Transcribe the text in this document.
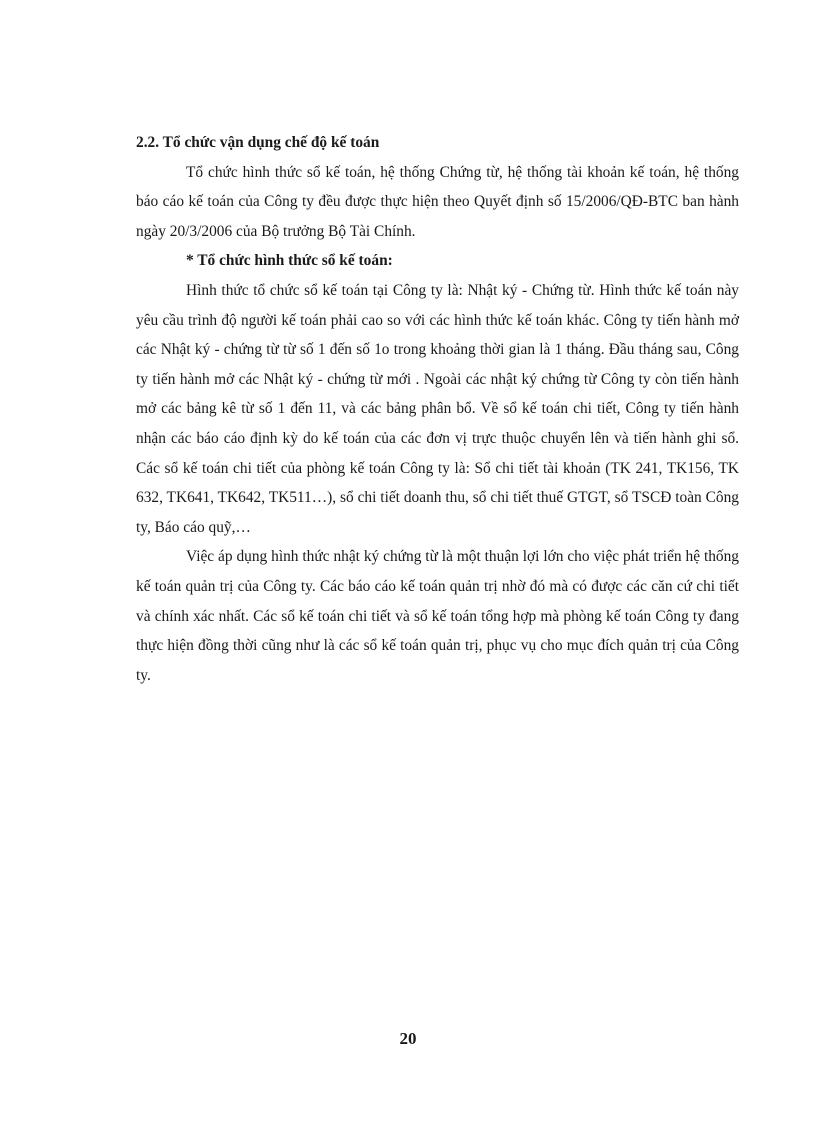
2.2. Tổ chức vận dụng chế độ kế toán

Tổ chức hình thức sổ kế toán, hệ thống Chứng từ, hệ thống tài khoản kế toán, hệ thống báo cáo kế toán của Công ty đều được thực hiện theo Quyết định số 15/2006/QĐ-BTC ban hành ngày 20/3/2006 của Bộ trưởng Bộ Tài Chính.

* Tổ chức hình thức sổ kế toán:

Hình thức tổ chức sổ kế toán tại Công ty là: Nhật ký - Chứng từ. Hình thức kế toán này yêu cầu trình độ người kế toán phải cao so với các hình thức kế toán khác. Công ty tiến hành mở các Nhật ký - chứng từ từ số 1 đến số 1o trong khoảng thời gian là 1 tháng. Đầu tháng sau, Công ty tiến hành mở các Nhật ký - chứng từ mới . Ngoài các nhật ký chứng từ Công ty còn tiến hành mở các bảng kê từ số 1 đến 11, và các bảng phân bổ. Về sổ kế toán chi tiết, Công ty tiến hành nhận các báo cáo định kỳ do kế toán của các đơn vị trực thuộc chuyển lên và tiến hành ghi sổ. Các sổ kế toán chi tiết của phòng kế toán Công ty là: Sổ chi tiết tài khoản (TK 241, TK156, TK 632, TK641, TK642, TK511…), sổ chi tiết doanh thu, sổ chi tiết thuế GTGT, sổ TSCĐ toàn Công ty, Báo cáo quỹ,…

Việc áp dụng hình thức nhật ký chứng từ là một thuận lợi lớn cho việc phát triển hệ thống kế toán quản trị của Công ty. Các báo cáo kế toán quản trị nhờ đó mà có được các căn cứ chi tiết và chính xác nhất. Các sổ kế toán chi tiết và sổ kế toán tổng hợp mà phòng kế toán Công ty đang thực hiện đồng thời cũng như là các sổ kế toán quản trị, phục vụ cho mục đích quản trị của Công ty.

20
